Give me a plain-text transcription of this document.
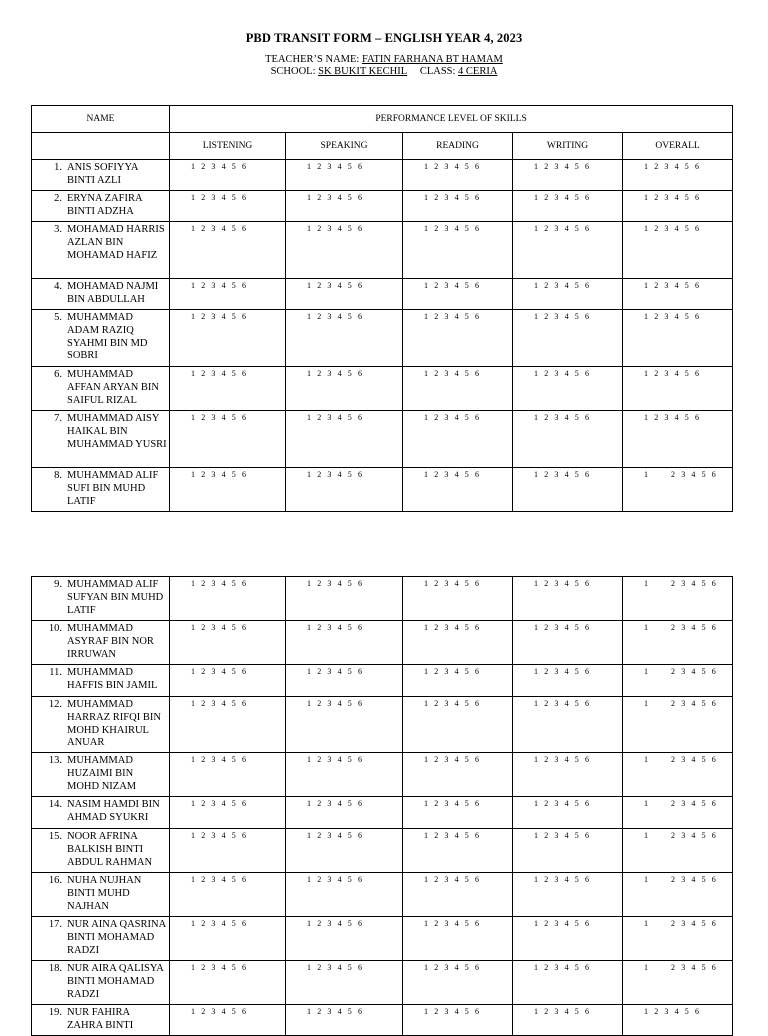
PBD TRANSIT FORM – ENGLISH YEAR 4, 2023
TEACHER’S NAME: FATIN FARHANA BT HAMAM
SCHOOL: SK BUKIT KECHIL CLASS: 4 CERIA
NAME	PERFORMANCE LEVEL OF SKILLS				
	LISTENING	SPEAKING	READING	WRITING	OVERALL

1. ANIS SOFIYYA BINTI AZLI	1 2 3 4 5 6	1 2 3 4 5 6	1 2 3 4 5 6	1 2 3 4 5 6	1 2 3 4 5 6

2. ERYNA ZAFIRA BINTI ADZHA	1 2 3 4 5 6	1 2 3 4 5 6	1 2 3 4 5 6	1 2 3 4 5 6	1 2 3 4 5 6

3. MOHAMAD HARRIS AZLAN BIN MOHAMAD HAFIZ	1 2 3 4 5 6	1 2 3 4 5 6	1 2 3 4 5 6	1 2 3 4 5 6	1 2 3 4 5 6

4. MOHAMAD NAJMI BIN ABDULLAH	1 2 3 4 5 6	1 2 3 4 5 6	1 2 3 4 5 6	1 2 3 4 5 6	1 2 3 4 5 6

5. MUHAMMAD ADAM RAZIQ SYAHMI BIN MD SOBRI	1 2 3 4 5 6	1 2 3 4 5 6	1 2 3 4 5 6	1 2 3 4 5 6	1 2 3 4 5 6

6. MUHAMMAD AFFAN ARYAN BIN SAIFUL RIZAL	1 2 3 4 5 6	1 2 3 4 5 6	1 2 3 4 5 6	1 2 3 4 5 6	1 2 3 4 5 6

7. MUHAMMAD AISY HAIKAL BIN MUHAMMAD YUSRI	1 2 3 4 5 6	1 2 3 4 5 6	1 2 3 4 5 6	1 2 3 4 5 6	1 2 3 4 5 6

8. MUHAMMAD ALIF SUFI BIN MUHD LATIF	1 2 3 4 5 6	1 2 3 4 5 6	1 2 3 4 5 6	1 2 3 4 5 6	1    2 3 4 5 6
9. MUHAMMAD ALIF SUFYAN BIN MUHD LATIF	1 2 3 4 5 6	1 2 3 4 5 6	1 2 3 4 5 6	1 2 3 4 5 6	1    2 3 4 5 6

10. MUHAMMAD ASYRAF BIN NOR IRRUWAN	1 2 3 4 5 6	1 2 3 4 5 6	1 2 3 4 5 6	1 2 3 4 5 6	1    2 3 4 5 6

11. MUHAMMAD HAFFIS BIN JAMIL	1 2 3 4 5 6	1 2 3 4 5 6	1 2 3 4 5 6	1 2 3 4 5 6	1    2 3 4 5 6

12. MUHAMMAD HARRAZ RIFQI BIN MOHD KHAIRUL ANUAR	1 2 3 4 5 6	1 2 3 4 5 6	1 2 3 4 5 6	1 2 3 4 5 6	1    2 3 4 5 6

13. MUHAMMAD HUZAIMI BIN MOHD NIZAM	1 2 3 4 5 6	1 2 3 4 5 6	1 2 3 4 5 6	1 2 3 4 5 6	1    2 3 4 5 6

14. NASIM HAMDI BIN AHMAD SYUKRI	1 2 3 4 5 6	1 2 3 4 5 6	1 2 3 4 5 6	1 2 3 4 5 6	1    2 3 4 5 6

15. NOOR AFRINA BALKISH BINTI ABDUL RAHMAN	1 2 3 4 5 6	1 2 3 4 5 6	1 2 3 4 5 6	1 2 3 4 5 6	1    2 3 4 5 6

16. NUHA NUJHAN BINTI MUHD NAJHAN	1 2 3 4 5 6	1 2 3 4 5 6	1 2 3 4 5 6	1 2 3 4 5 6	1    2 3 4 5 6

17. NUR AINA QASRINA BINTI MOHAMAD RADZI	1 2 3 4 5 6	1 2 3 4 5 6	1 2 3 4 5 6	1 2 3 4 5 6	1    2 3 4 5 6

18. NUR AIRA QALISYA BINTI MOHAMAD RADZI	1 2 3 4 5 6	1 2 3 4 5 6	1 2 3 4 5 6	1 2 3 4 5 6	1    2 3 4 5 6

19. NUR FAHIRA ZAHRA BINTI	1 2 3 4 5 6	1 2 3 4 5 6	1 2 3 4 5 6	1 2 3 4 5 6	1 2 3 4 5 6
